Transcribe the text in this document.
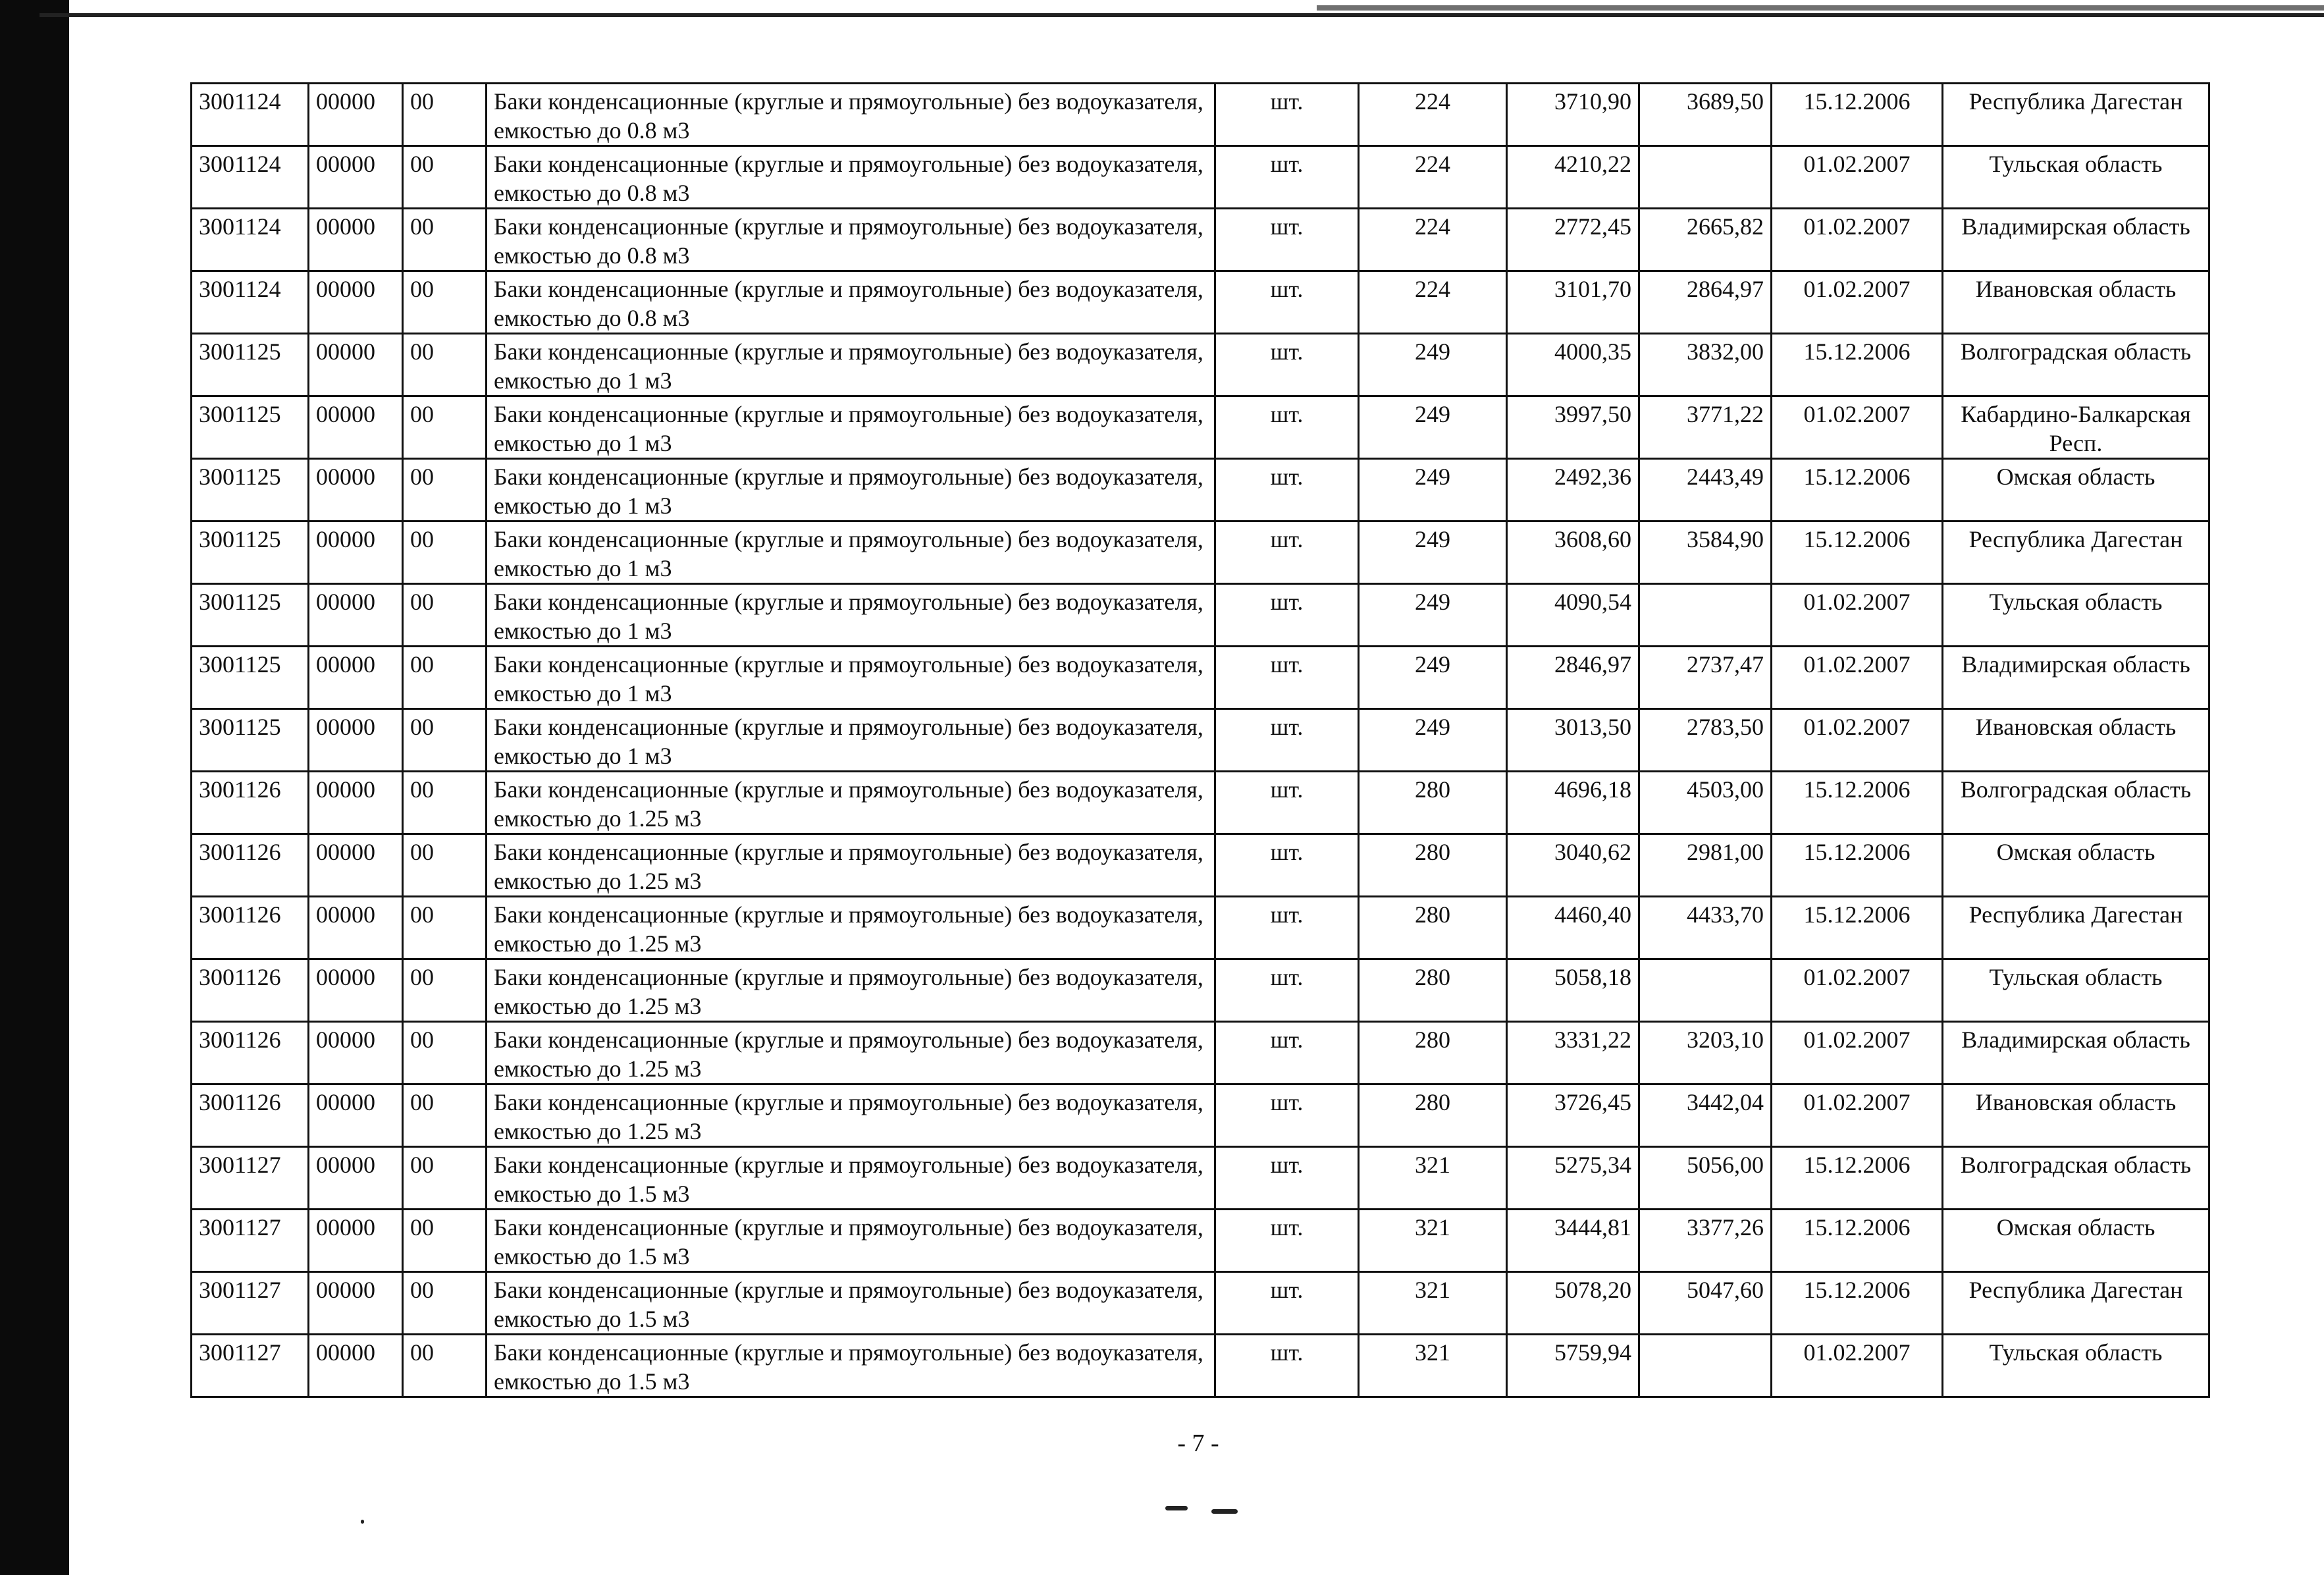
3001124	00000	00	Баки конденсационные (круглые и прямоугольные) без водоуказателя, емкостью до 0.8 м3	шт.	224	3710,90	3689,50	15.12.2006	Республика Дагестан
3001124	00000	00	Баки конденсационные (круглые и прямоугольные) без водоуказателя, емкостью до 0.8 м3	шт.	224	4210,22		01.02.2007	Тульская область
3001124	00000	00	Баки конденсационные (круглые и прямоугольные) без водоуказателя, емкостью до 0.8 м3	шт.	224	2772,45	2665,82	01.02.2007	Владимирская область
3001124	00000	00	Баки конденсационные (круглые и прямоугольные) без водоуказателя, емкостью до 0.8 м3	шт.	224	3101,70	2864,97	01.02.2007	Ивановская область
3001125	00000	00	Баки конденсационные (круглые и прямоугольные) без водоуказателя, емкостью до 1 м3	шт.	249	4000,35	3832,00	15.12.2006	Волгоградская область
3001125	00000	00	Баки конденсационные (круглые и прямоугольные) без водоуказателя, емкостью до 1 м3	шт.	249	3997,50	3771,22	01.02.2007	Кабардино-Балкарская Респ.
3001125	00000	00	Баки конденсационные (круглые и прямоугольные) без водоуказателя, емкостью до 1 м3	шт.	249	2492,36	2443,49	15.12.2006	Омская область
3001125	00000	00	Баки конденсационные (круглые и прямоугольные) без водоуказателя, емкостью до 1 м3	шт.	249	3608,60	3584,90	15.12.2006	Республика Дагестан
3001125	00000	00	Баки конденсационные (круглые и прямоугольные) без водоуказателя, емкостью до 1 м3	шт.	249	4090,54		01.02.2007	Тульская область
3001125	00000	00	Баки конденсационные (круглые и прямоугольные) без водоуказателя, емкостью до 1 м3	шт.	249	2846,97	2737,47	01.02.2007	Владимирская область
3001125	00000	00	Баки конденсационные (круглые и прямоугольные) без водоуказателя, емкостью до 1 м3	шт.	249	3013,50	2783,50	01.02.2007	Ивановская область
3001126	00000	00	Баки конденсационные (круглые и прямоугольные) без водоуказателя, емкостью до 1.25 м3	шт.	280	4696,18	4503,00	15.12.2006	Волгоградская область
3001126	00000	00	Баки конденсационные (круглые и прямоугольные) без водоуказателя, емкостью до 1.25 м3	шт.	280	3040,62	2981,00	15.12.2006	Омская область
3001126	00000	00	Баки конденсационные (круглые и прямоугольные) без водоуказателя, емкостью до 1.25 м3	шт.	280	4460,40	4433,70	15.12.2006	Республика Дагестан
3001126	00000	00	Баки конденсационные (круглые и прямоугольные) без водоуказателя, емкостью до 1.25 м3	шт.	280	5058,18		01.02.2007	Тульская область
3001126	00000	00	Баки конденсационные (круглые и прямоугольные) без водоуказателя, емкостью до 1.25 м3	шт.	280	3331,22	3203,10	01.02.2007	Владимирская область
3001126	00000	00	Баки конденсационные (круглые и прямоугольные) без водоуказателя, емкостью до 1.25 м3	шт.	280	3726,45	3442,04	01.02.2007	Ивановская область
3001127	00000	00	Баки конденсационные (круглые и прямоугольные) без водоуказателя, емкостью до 1.5 м3	шт.	321	5275,34	5056,00	15.12.2006	Волгоградская область
3001127	00000	00	Баки конденсационные (круглые и прямоугольные) без водоуказателя, емкостью до 1.5 м3	шт.	321	3444,81	3377,26	15.12.2006	Омская область
3001127	00000	00	Баки конденсационные (круглые и прямоугольные) без водоуказателя, емкостью до 1.5 м3	шт.	321	5078,20	5047,60	15.12.2006	Республика Дагестан
3001127	00000	00	Баки конденсационные (круглые и прямоугольные) без водоуказателя, емкостью до 1.5 м3	шт.	321	5759,94		01.02.2007	Тульская область
- 7 -
